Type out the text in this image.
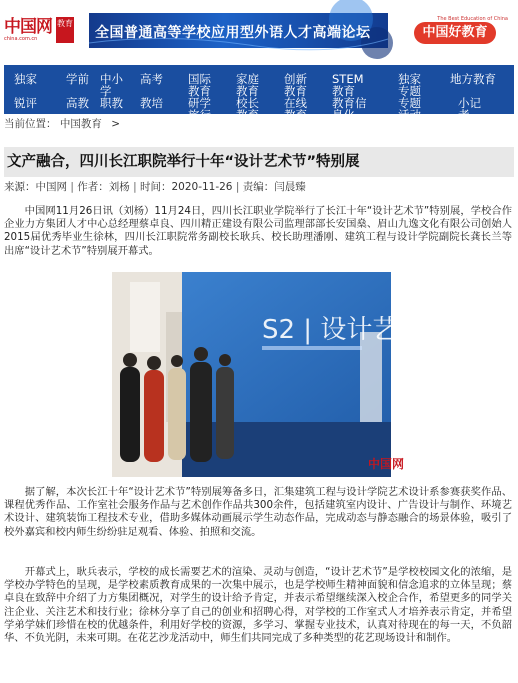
中国网
china.com.cn
教育
全国普通高等学校应用型外语人才高端论坛
The Best Education of China
中国好教育
独家	学前 中小学
高考 国际教育
家庭教育
创新教育
STEM教育
独家专题
地方教育
锐评	高教 职教 教培 研学旅行
校长教育
在线教育
教育信息化
专题活动
小记者
当前位置： 中国教育 >
文产融合，四川长江职院举行十年“设计艺术节”特别展
来源：中国网 | 作者：刘杨 | 时间：2020-11-26 | 责编：闫晨臻
　　中国网11月26日讯（刘杨）11月24日，四川长江职业学院举行了长江十年“设计艺术节”特别展，学校合作企业力方集团人才中心总经理蔡卓良、四川精正建设有限公司监理部部长安国燊、眉山九逸文化有限公司创始人2015届优秀毕业生徐林，四川长江职院常务副校长耿兵、校长助理潘刚、建筑工程与设计学院副院长龚长兰等出席“设计艺术节”特别展开幕式。
S2 | 设计艺术
中国网
　　据了解，本次长江十年“设计艺术节”特别展筹备多日，汇集建筑工程与设计学院艺术设计系参赛获奖作品、课程优秀作品、工作室社会服务作品与艺术创作作品共300余件，包括建筑室内设计、广告设计与制作、环境艺术设计、建筑装饰工程技术专业，借助多媒体动画展示学生动态作品，完成动态与静态融合的场景体验，吸引了校外嘉宾和校内师生纷纷驻足观看、体验、拍照和交流。
　　开幕式上，耿兵表示，学校的成长需要艺术的渲染、灵动与创造，“设计艺术节”是学校校园文化的浓缩，是学校办学特色的呈现，是学校素质教育成果的一次集中展示，也是学校师生精神面貌和信念追求的立体呈现；蔡卓良在致辞中介绍了力方集团概况，对学生的设计给予肯定，并表示希望继续深入校企合作，希望更多的同学关注企业、关注艺术和技行业；徐林分享了自己的创业和招聘心得，对学校的工作室式人才培养表示肯定，并希望学弟学妹们珍惜在校的优越条件，利用好学校的资源，多学习、掌握专业技术，认真对待现在的每一天，不负韶华、不负光阴，未来可期。在花艺沙龙活动中，师生们共同完成了多种类型的花艺现场设计和制作。
